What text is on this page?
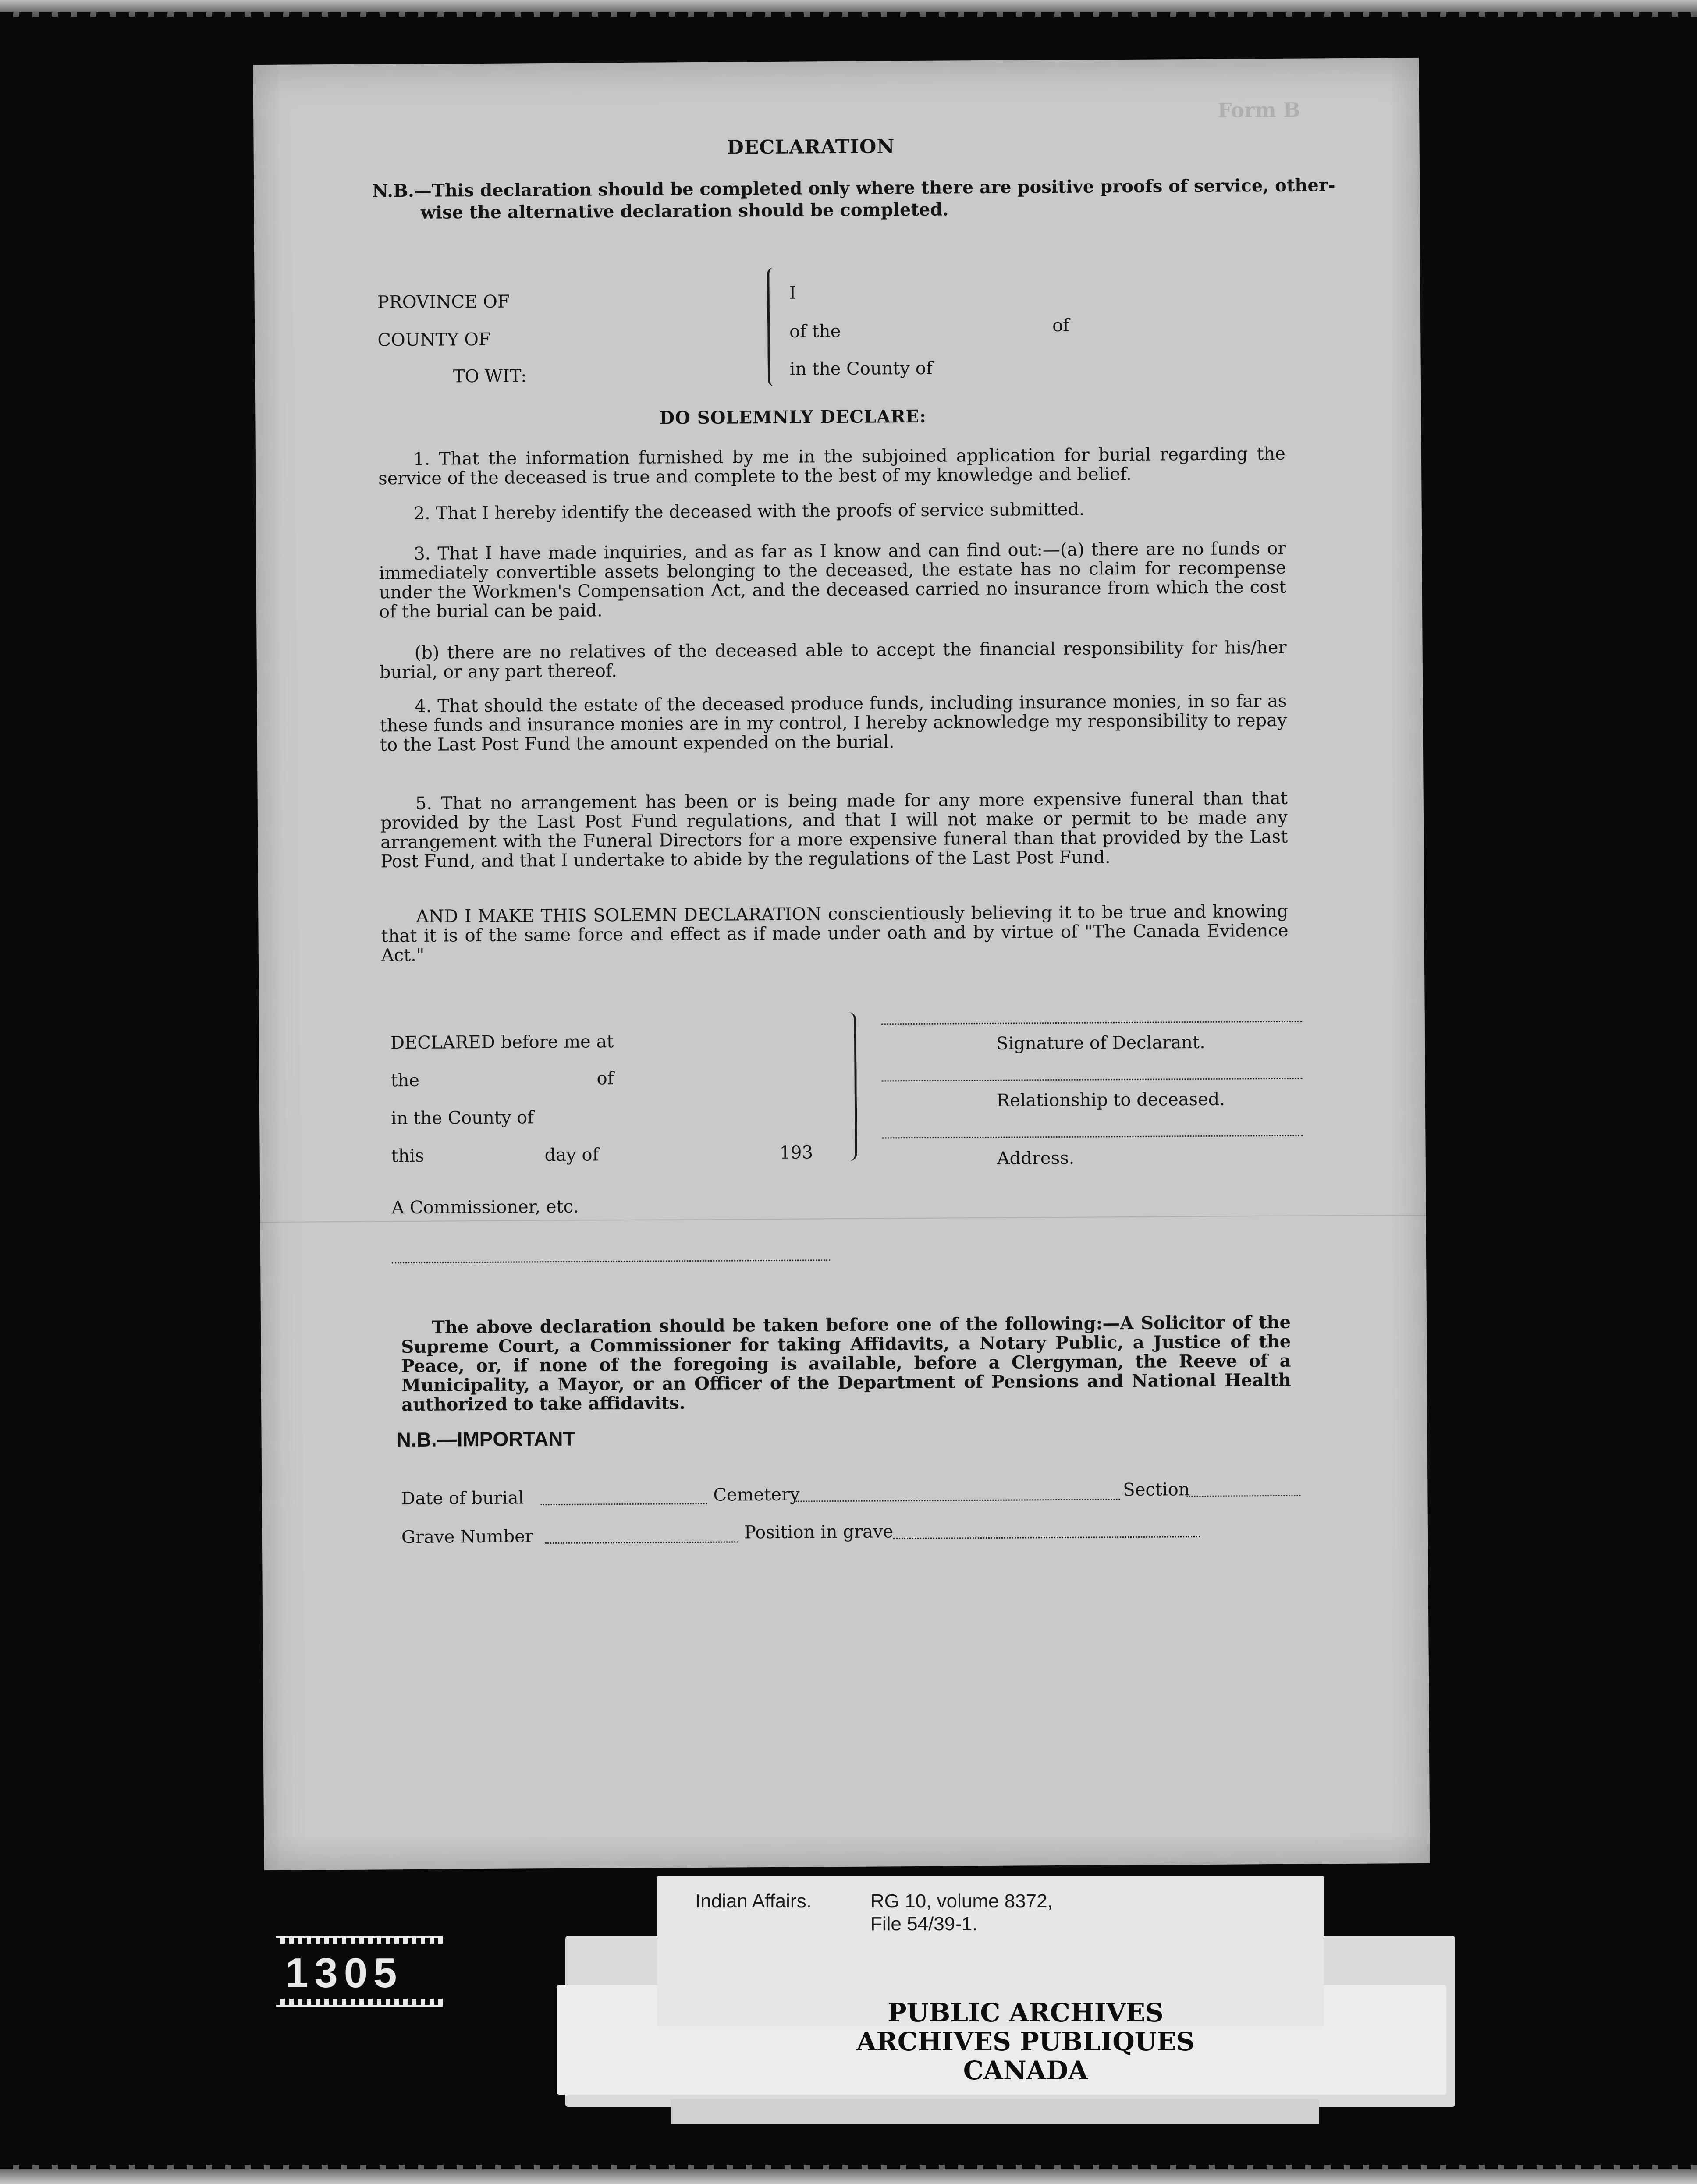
Form B
DECLARATION
N.B.—This declaration should be completed only where there are positive proofs of service, other-
wise the alternative declaration should be completed.
PROVINCE OF
COUNTY OF
TO WIT:
I
of the	of
in the County of
DO SOLEMNLY DECLARE:
1. That the information furnished by me in the subjoined application for burial regarding the service of the deceased is true and complete to the best of my knowledge and belief.
2. That I hereby identify the deceased with the proofs of service submitted.
3. That I have made inquiries, and as far as I know and can find out:—(a) there are no funds or immediately convertible assets belonging to the deceased, the estate has no claim for recompense under the Workmen's Compensation Act, and the deceased carried no insurance from which the cost of the burial can be paid.
(b) there are no relatives of the deceased able to accept the financial responsibility for his/her burial, or any part thereof.
4. That should the estate of the deceased produce funds, including insurance monies, in so far as these funds and insurance monies are in my control, I hereby acknowledge my responsibility to repay to the Last Post Fund the amount expended on the burial.
5. That no arrangement has been or is being made for any more expensive funeral than that provided by the Last Post Fund regulations, and that I will not make or permit to be made any arrangement with the Funeral Directors for a more expensive funeral than that provided by the Last Post Fund, and that I undertake to abide by the regulations of the Last Post Fund.
AND I MAKE THIS SOLEMN DECLARATION conscientiously believing it to be true and knowing that it is of the same force and effect as if made under oath and by virtue of "The Canada Evidence Act."
DECLARED before me at
the	of
in the County of
this	day of	193
Signature of Declarant.
Relationship to deceased.
Address.
A Commissioner, etc.
The above declaration should be taken before one of the following:—A Solicitor of the Supreme Court, a Commissioner for taking Affidavits, a Notary Public, a Justice of the Peace, or, if none of the foregoing is available, before a Clergyman, the Reeve of a Municipality, a Mayor, or an Officer of the Department of Pensions and National Health authorized to take affidavits.
N.B.—IMPORTANT
Date of burial	Cemetery	Section
Grave Number	Position in grave
Indian Affairs.	RG 10, volume 8372,
File 54/39-1.
PUBLIC ARCHIVES
ARCHIVES PUBLIQUES
CANADA
1305
